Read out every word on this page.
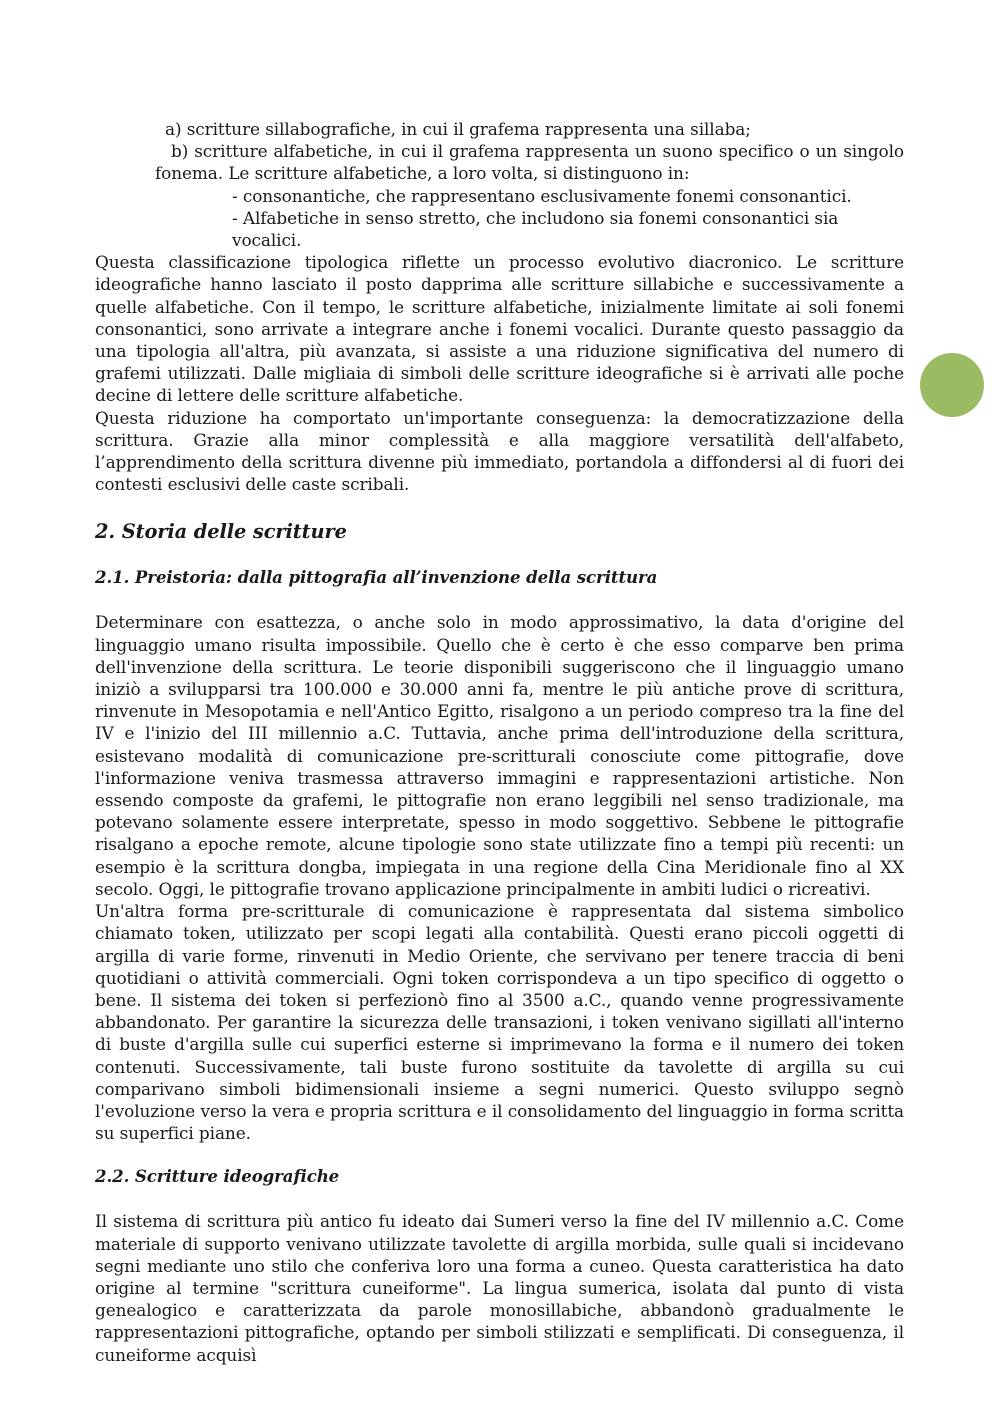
a) scritture sillabografiche, in cui il grafema rappresenta una sillaba;

b) scritture alfabetiche, in cui il grafema rappresenta un suono specifico o un singolo fonema. Le scritture alfabetiche, a loro volta, si distinguono in:

- consonantiche, che rappresentano esclusivamente fonemi consonantici.

- Alfabetiche in senso stretto, che includono sia fonemi consonantici sia vocalici.

Questa classificazione tipologica riflette un processo evolutivo diacronico. Le scritture ideografiche hanno lasciato il posto dapprima alle scritture sillabiche e successivamente a quelle alfabetiche. Con il tempo, le scritture alfabetiche, inizialmente limitate ai soli fonemi consonantici, sono arrivate a integrare anche i fonemi vocalici. Durante questo passaggio da una tipologia all'altra, più avanzata, si assiste a una riduzione significativa del numero di grafemi utilizzati. Dalle migliaia di simboli delle scritture ideografiche si è arrivati alle poche decine di lettere delle scritture alfabetiche.

Questa riduzione ha comportato un'importante conseguenza: la democratizzazione della scrittura. Grazie alla minor complessità e alla maggiore versatilità dell'alfabeto, l’apprendimento della scrittura divenne più immediato, portandola a diffondersi al di fuori dei contesti esclusivi delle caste scribali.

2. Storia delle scritture
2.1. Preistoria: dalla pittografia all’invenzione della scrittura

Determinare con esattezza, o anche solo in modo approssimativo, la data d'origine del linguaggio umano risulta impossibile. Quello che è certo è che esso comparve ben prima dell'invenzione della scrittura. Le teorie disponibili suggeriscono che il linguaggio umano iniziò a svilupparsi tra 100.000 e 30.000 anni fa, mentre le più antiche prove di scrittura, rinvenute in Mesopotamia e nell'Antico Egitto, risalgono a un periodo compreso tra la fine del IV e l'inizio del III millennio a.C. Tuttavia, anche prima dell'introduzione della scrittura, esistevano modalità di comunicazione pre-scritturali conosciute come pittografie, dove l'informazione veniva trasmessa attraverso immagini e rappresentazioni artistiche. Non essendo composte da grafemi, le pittografie non erano leggibili nel senso tradizionale, ma potevano solamente essere interpretate, spesso in modo soggettivo. Sebbene le pittografie risalgano a epoche remote, alcune tipologie sono state utilizzate fino a tempi più recenti: un esempio è la scrittura dongba, impiegata in una regione della Cina Meridionale fino al XX secolo. Oggi, le pittografie trovano applicazione principalmente in ambiti ludici o ricreativi.

Un'altra forma pre-scritturale di comunicazione è rappresentata dal sistema simbolico chiamato token, utilizzato per scopi legati alla contabilità. Questi erano piccoli oggetti di argilla di varie forme, rinvenuti in Medio Oriente, che servivano per tenere traccia di beni quotidiani o attività commerciali. Ogni token corrispondeva a un tipo specifico di oggetto o bene. Il sistema dei token si perfezionò fino al 3500 a.C., quando venne progressivamente abbandonato. Per garantire la sicurezza delle transazioni, i token venivano sigillati all'interno di buste d'argilla sulle cui superfici esterne si imprimevano la forma e il numero dei token contenuti. Successivamente, tali buste furono sostituite da tavolette di argilla su cui comparivano simboli bidimensionali insieme a segni numerici. Questo sviluppo segnò l'evoluzione verso la vera e propria scrittura e il consolidamento del linguaggio in forma scritta su superfici piane.

2.2. Scritture ideografiche

Il sistema di scrittura più antico fu ideato dai Sumeri verso la fine del IV millennio a.C. Come materiale di supporto venivano utilizzate tavolette di argilla morbida, sulle quali si incidevano segni mediante uno stilo che conferiva loro una forma a cuneo. Questa caratteristica ha dato origine al termine "scrittura cuneiforme". La lingua sumerica, isolata dal punto di vista genealogico e caratterizzata da parole monosillabiche, abbandonò gradualmente le rappresentazioni pittografiche, optando per simboli stilizzati e semplificati. Di conseguenza, il cuneiforme acquisì
